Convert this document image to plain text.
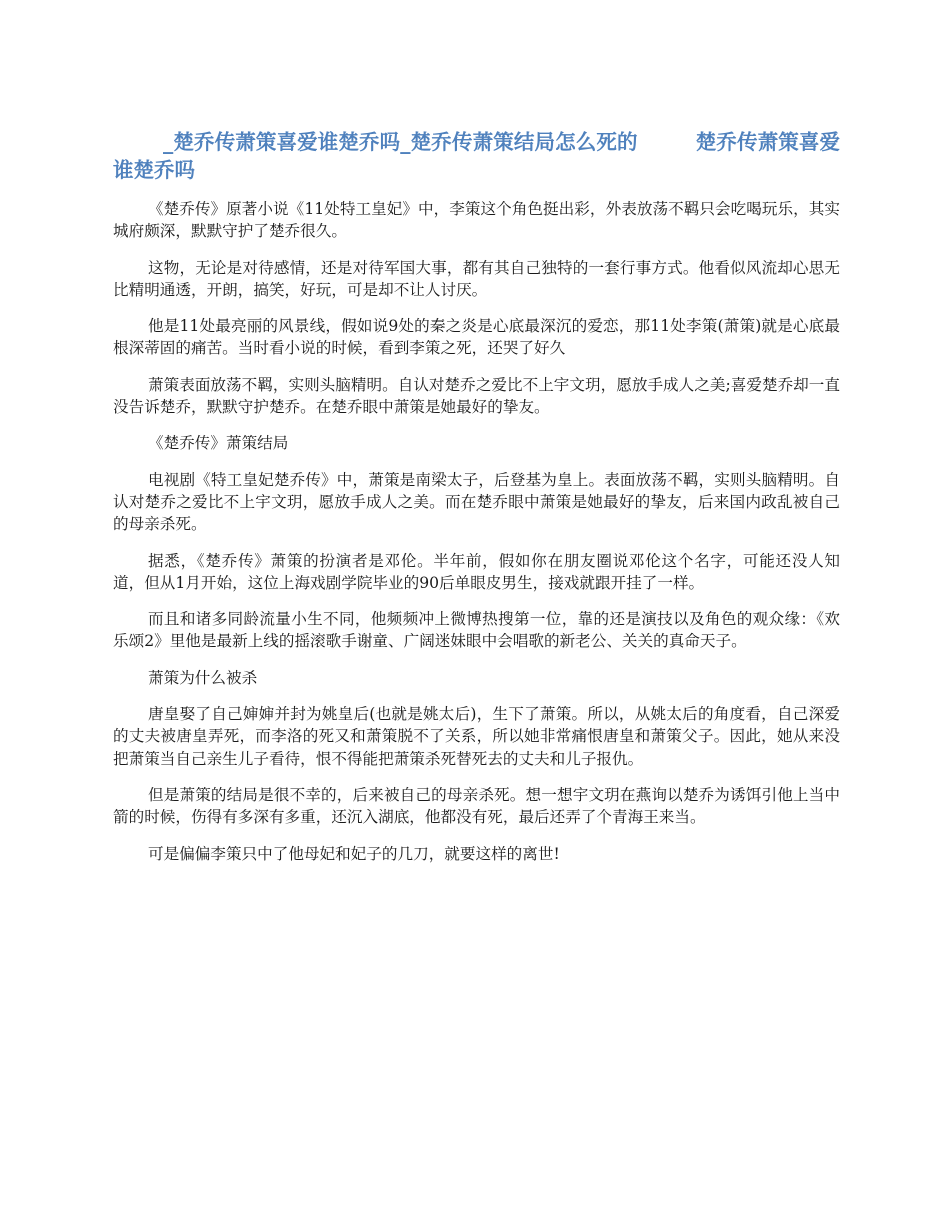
_楚乔传萧策喜爱谁楚乔吗_楚乔传萧策结局怎么死的	楚乔传萧策喜爱谁楚乔吗

《楚乔传》原著小说《11处特工皇妃》中，李策这个角色挺出彩，外表放荡不羁只会吃喝玩乐，其实城府颇深，默默守护了楚乔很久。

这物，无论是对待感情，还是对待军国大事，都有其自己独特的一套行事方式。他看似风流却心思无比精明通透，开朗，搞笑，好玩，可是却不让人讨厌。

他是11处最亮丽的风景线，假如说9处的秦之炎是心底最深沉的爱恋，那11处李策(萧策)就是心底最根深蒂固的痛苦。当时看小说的时候，看到李策之死，还哭了好久

萧策表面放荡不羁，实则头脑精明。自认对楚乔之爱比不上宇文玥，愿放手成人之美;喜爱楚乔却一直没告诉楚乔，默默守护楚乔。在楚乔眼中萧策是她最好的挚友。

《楚乔传》萧策结局

电视剧《特工皇妃楚乔传》中，萧策是南梁太子，后登基为皇上。表面放荡不羁，实则头脑精明。自认对楚乔之爱比不上宇文玥，愿放手成人之美。而在楚乔眼中萧策是她最好的挚友，后来国内政乱被自己的母亲杀死。

据悉，《楚乔传》萧策的扮演者是邓伦。半年前，假如你在朋友圈说邓伦这个名字，可能还没人知道，但从1月开始，这位上海戏剧学院毕业的90后单眼皮男生，接戏就跟开挂了一样。

而且和诸多同龄流量小生不同，他频频冲上微博热搜第一位，靠的还是演技以及角色的观众缘：《欢乐颂2》里他是最新上线的摇滚歌手谢童、广阔迷妹眼中会唱歌的新老公、关关的真命天子。

萧策为什么被杀

唐皇娶了自己婶婶并封为姚皇后(也就是姚太后)，生下了萧策。所以，从姚太后的角度看，自己深爱的丈夫被唐皇弄死，而李洛的死又和萧策脱不了关系，所以她非常痛恨唐皇和萧策父子。因此，她从来没把萧策当自己亲生儿子看待，恨不得能把萧策杀死替死去的丈夫和儿子报仇。

但是萧策的结局是很不幸的，后来被自己的母亲杀死。想一想宇文玥在燕询以楚乔为诱饵引他上当中箭的时候，伤得有多深有多重，还沉入湖底，他都没有死，最后还弄了个青海王来当。

可是偏偏李策只中了他母妃和妃子的几刀，就要这样的离世!
